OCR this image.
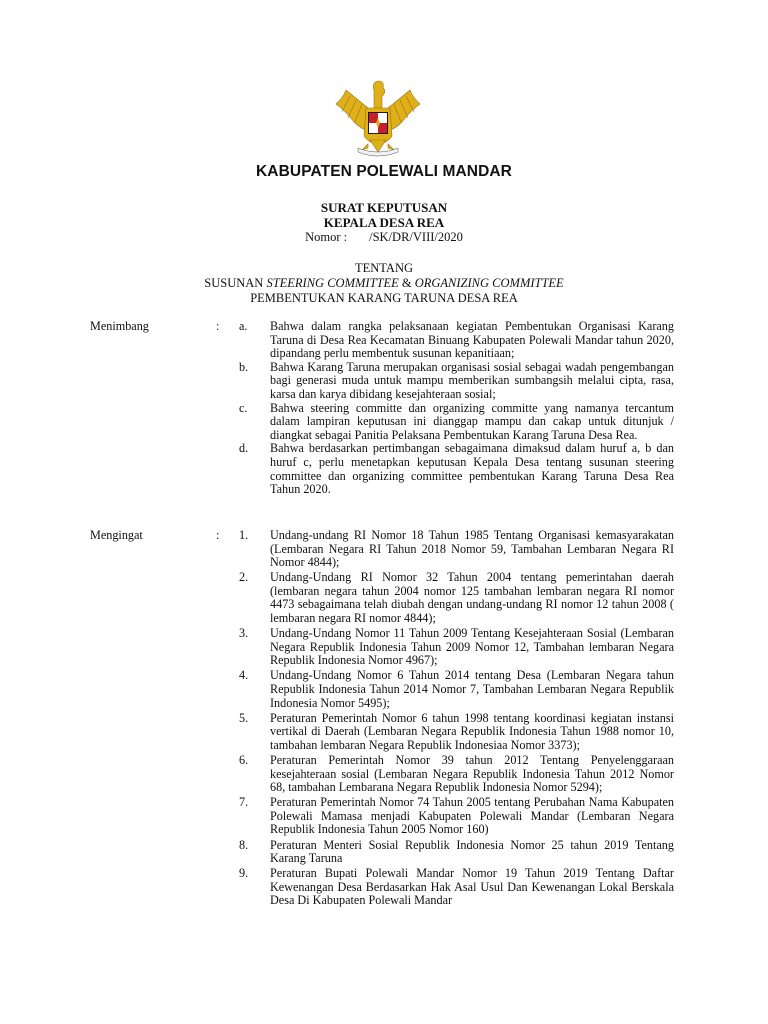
KABUPATEN POLEWALI MANDAR
SURAT KEPUTUSAN
KEPALA DESA REA
Nomor : /SK/DR/VIII/2020
TENTANG
SUSUNAN STEERING COMMITTEE & ORGANIZING COMMITTEE
PEMBENTUKAN KARANG TARUNA DESA REA
Menimbang	: a. Bahwa dalam rangka pelaksanaan kegiatan Pembentukan Organisasi Karang Taruna di Desa Rea Kecamatan Binuang Kabupaten Polewali Mandar tahun 2020, dipandang perlu membentuk susunan kepanitiaan;
b. Bahwa Karang Taruna merupakan organisasi sosial sebagai wadah pengembangan bagi generasi muda untuk mampu memberikan sumbangsih melalui cipta, rasa, karsa dan karya dibidang kesejahteraan sosial;
c. Bahwa steering committe dan organizing committe yang namanya tercantum dalam lampiran keputusan ini dianggap mampu dan cakap untuk ditunjuk / diangkat sebagai Panitia Pelaksana Pembentukan Karang Taruna Desa Rea.
d. Bahwa berdasarkan pertimbangan sebagaimana dimaksud dalam huruf a, b dan huruf c, perlu menetapkan keputusan Kepala Desa tentang susunan steering committee dan organizing committee pembentukan Karang Taruna Desa Rea Tahun 2020.
Mengingat	: 1. Undang-undang RI Nomor 18 Tahun 1985 Tentang Organisasi kemasyarakatan (Lembaran Negara RI Tahun 2018 Nomor 59, Tambahan Lembaran Negara RI Nomor 4844);
2. Undang-Undang RI Nomor 32 Tahun 2004 tentang pemerintahan daerah (lembaran negara tahun 2004 nomor 125 tambahan lembaran negara RI nomor 4473 sebagaimana telah diubah dengan undang-undang RI nomor 12 tahun 2008 ( lembaran negara RI nomor 4844);
3. Undang-Undang Nomor 11 Tahun 2009 Tentang Kesejahteraan Sosial (Lembaran Negara Republik Indonesia Tahun 2009 Nomor 12, Tambahan lembaran Negara Republik Indonesia Nomor 4967);
4. Undang-Undang Nomor 6 Tahun 2014 tentang Desa (Lembaran Negara tahun Republik Indonesia Tahun 2014 Nomor 7, Tambahan Lembaran Negara Republik Indonesia Nomor 5495);
5. Peraturan Pemerintah Nomor 6 tahun 1998 tentang koordinasi kegiatan instansi vertikal di Daerah (Lembaran Negara Republik Indonesia Tahun 1988 nomor 10, tambahan lembaran Negara Republik Indonesiaa Nomor 3373);
6. Peraturan Pemerintah Nomor 39 tahun 2012 Tentang Penyelenggaraan kesejahteraan sosial (Lembaran Negara Republik Indonesia Tahun 2012 Nomor 68, tambahan Lembarana Negara Republik Indonesia Nomor 5294);
7. Peraturan Pemerintah Nomor 74 Tahun 2005 tentang Perubahan Nama Kabupaten Polewali Mamasa menjadi Kabupaten Polewali Mandar (Lembaran Negara Republik Indonesia Tahun 2005 Nomor 160)
8. Peraturan Menteri Sosial Republik Indonesia Nomor 25 tahun 2019 Tentang Karang Taruna
9. Peraturan Bupati Polewali Mandar Nomor 19 Tahun 2019 Tentang Daftar Kewenangan Desa Berdasarkan Hak Asal Usul Dan Kewenangan Lokal Berskala Desa Di Kabupaten Polewali Mandar
